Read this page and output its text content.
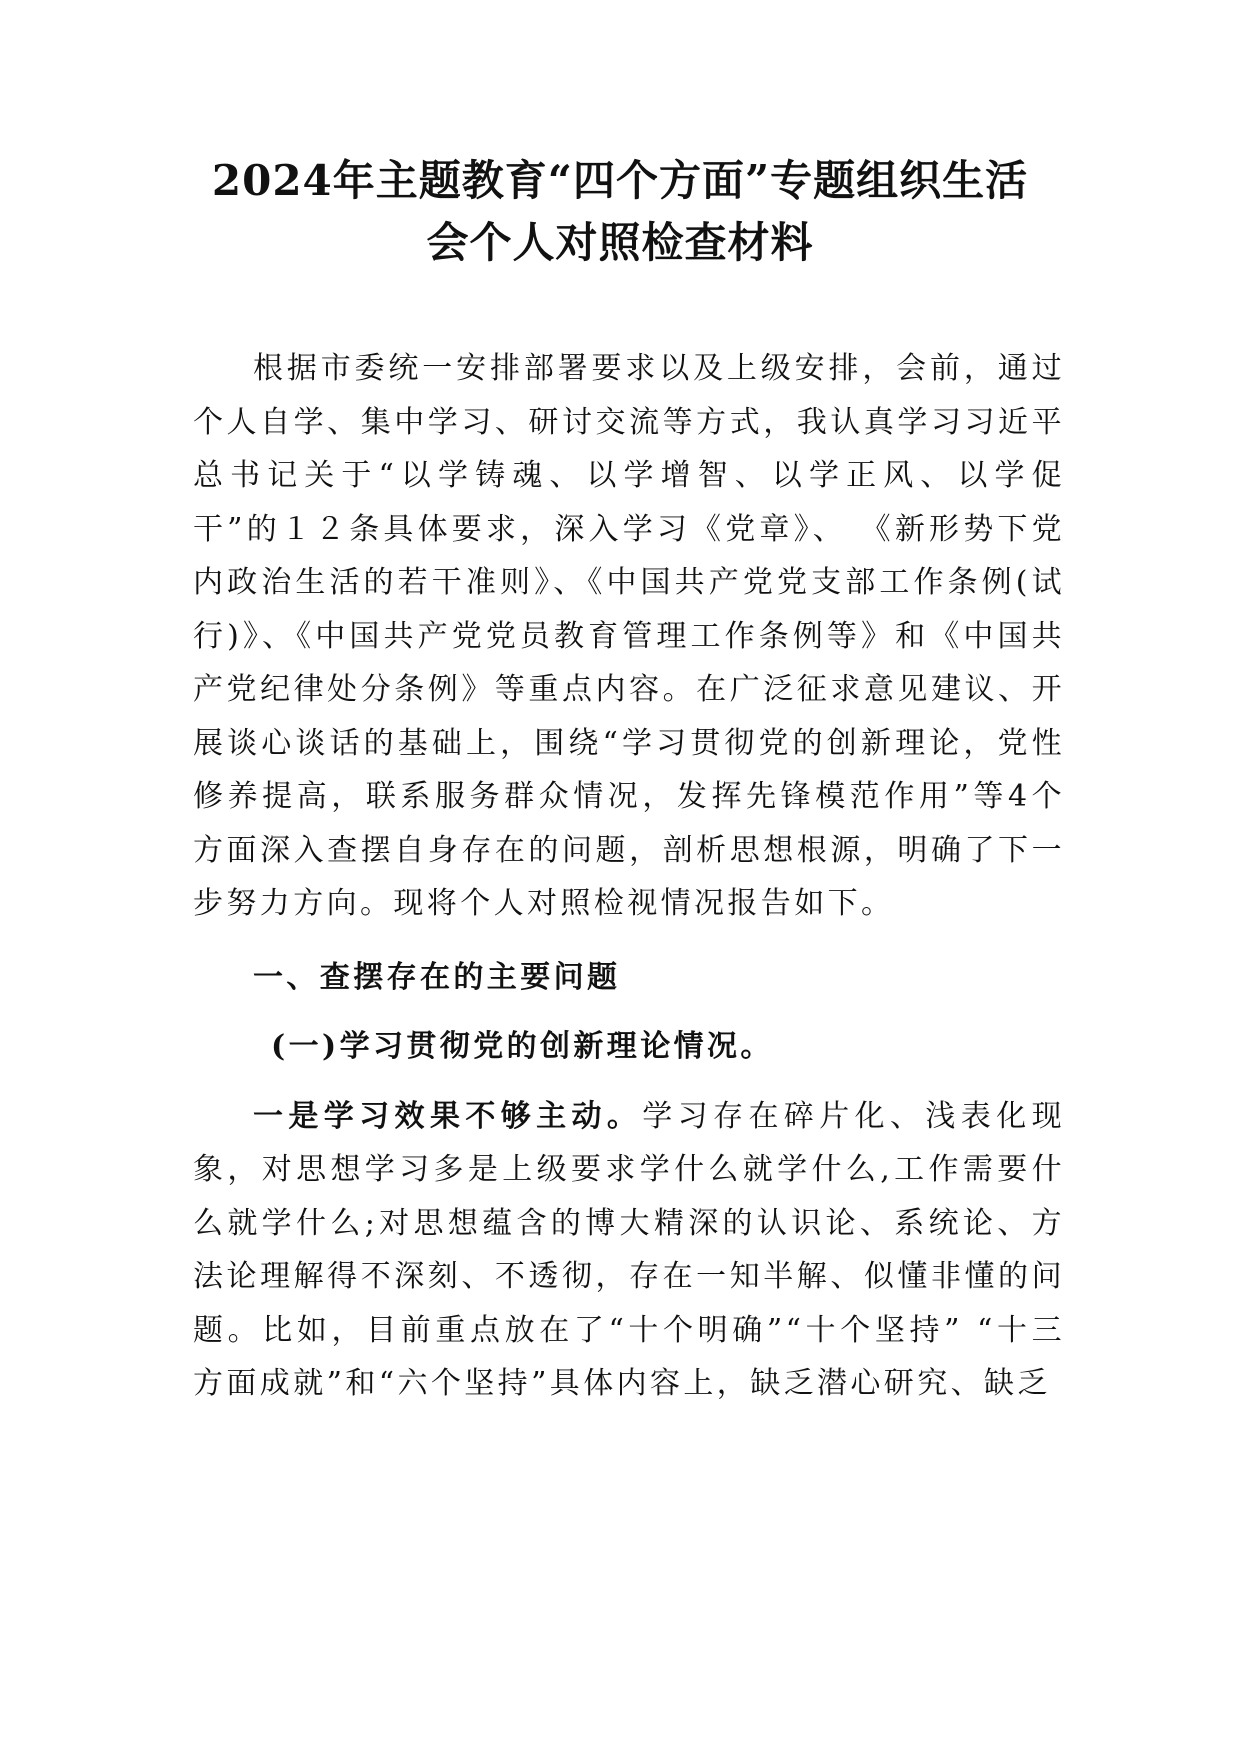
2024年主题教育“四个方面”专题组织生活
会个人对照检查材料

根据市委统一安排部署要求以及上级安排，会前，通过个人自学、集中学习、研讨交流等方式，我认真学习习近平总书记关于“以学铸魂、以学增智、以学正风、以学促干”的１２条具体要求，深入学习《党章》、 《新形势下党内政治生活的若干准则》、《中国共产党党支部工作条例(试行)》、《中国共产党党员教育管理工作条例等》和《中国共产党纪律处分条例》等重点内容。在广泛征求意见建议、开展谈心谈话的基础上，围绕“学习贯彻党的创新理论，党性修养提高，联系服务群众情况，发挥先锋模范作用”等4个方面深入查摆自身存在的问题，剖析思想根源，明确了下一步努力方向。现将个人对照检视情况报告如下。

一、查摆存在的主要问题

(一)学习贯彻党的创新理论情况。

一是学习效果不够主动。学习存在碎片化、浅表化现象，对思想学习多是上级要求学什么就学什么,工作需要什么就学什么;对思想蕴含的博大精深的认识论、系统论、方法论理解得不深刻、不透彻，存在一知半解、似懂非懂的问题。比如，目前重点放在了“十个明确”“十个坚持” “十三方面成就”和“六个坚持”具体内容上，缺乏潜心研究、缺乏
